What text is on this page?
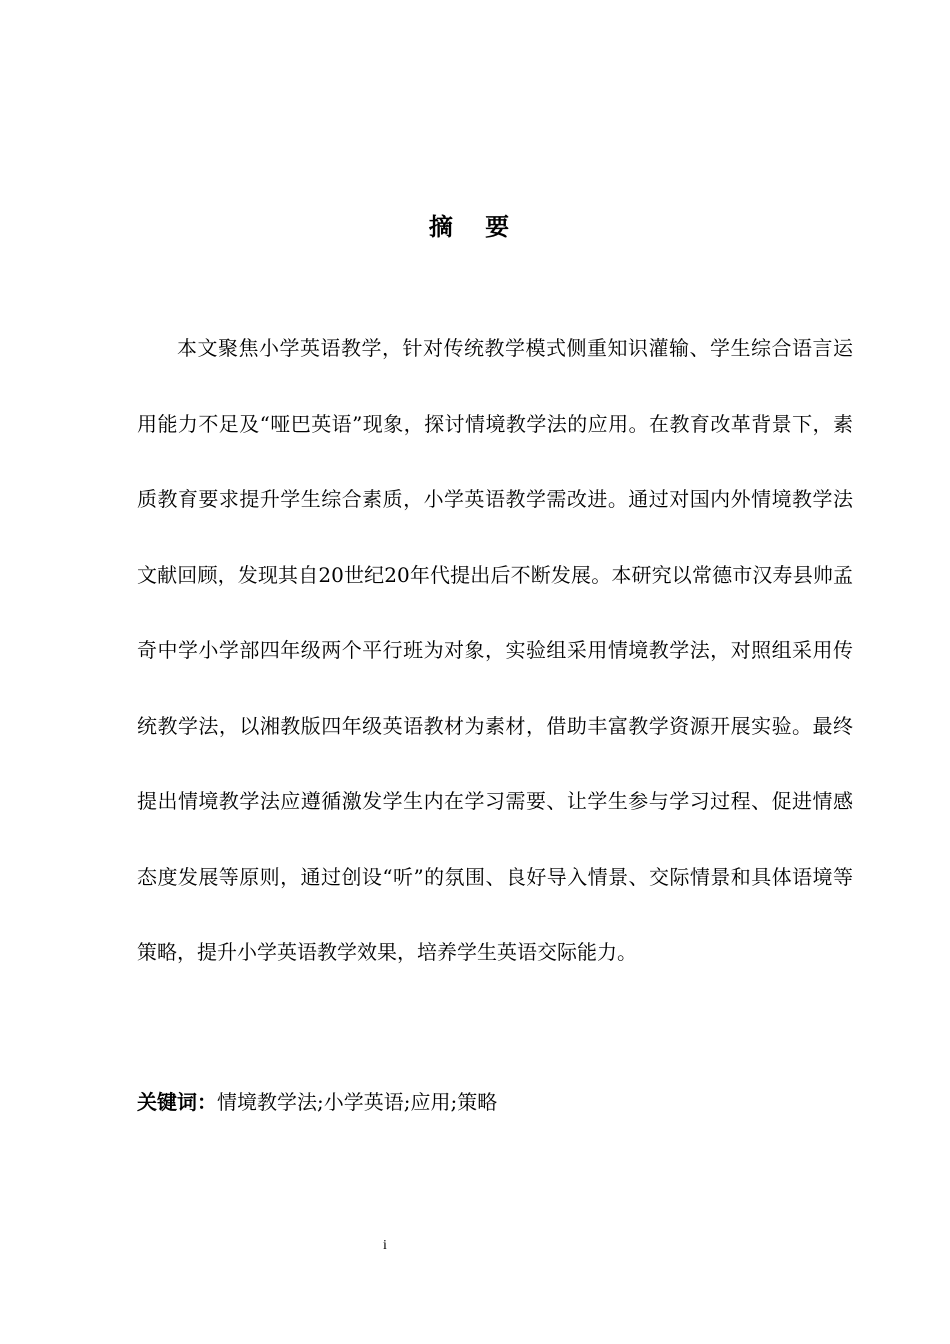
摘 要

本文聚焦小学英语教学，针对传统教学模式侧重知识灌输、学生综合语言运用能力不足及“哑巴英语”现象，探讨情境教学法的应用。在教育改革背景下，素质教育要求提升学生综合素质，小学英语教学需改进。通过对国内外情境教学法文献回顾，发现其自20世纪20年代提出后不断发展。本研究以常德市汉寿县帅孟奇中学小学部四年级两个平行班为对象，实验组采用情境教学法，对照组采用传统教学法，以湘教版四年级英语教材为素材，借助丰富教学资源开展实验。最终提出情境教学法应遵循激发学生内在学习需要、让学生参与学习过程、促进情感态度发展等原则，通过创设“听”的氛围、良好导入情景、交际情景和具体语境等策略，提升小学英语教学效果，培养学生英语交际能力。

关键词：情境教学法;小学英语;应用;策略

i
